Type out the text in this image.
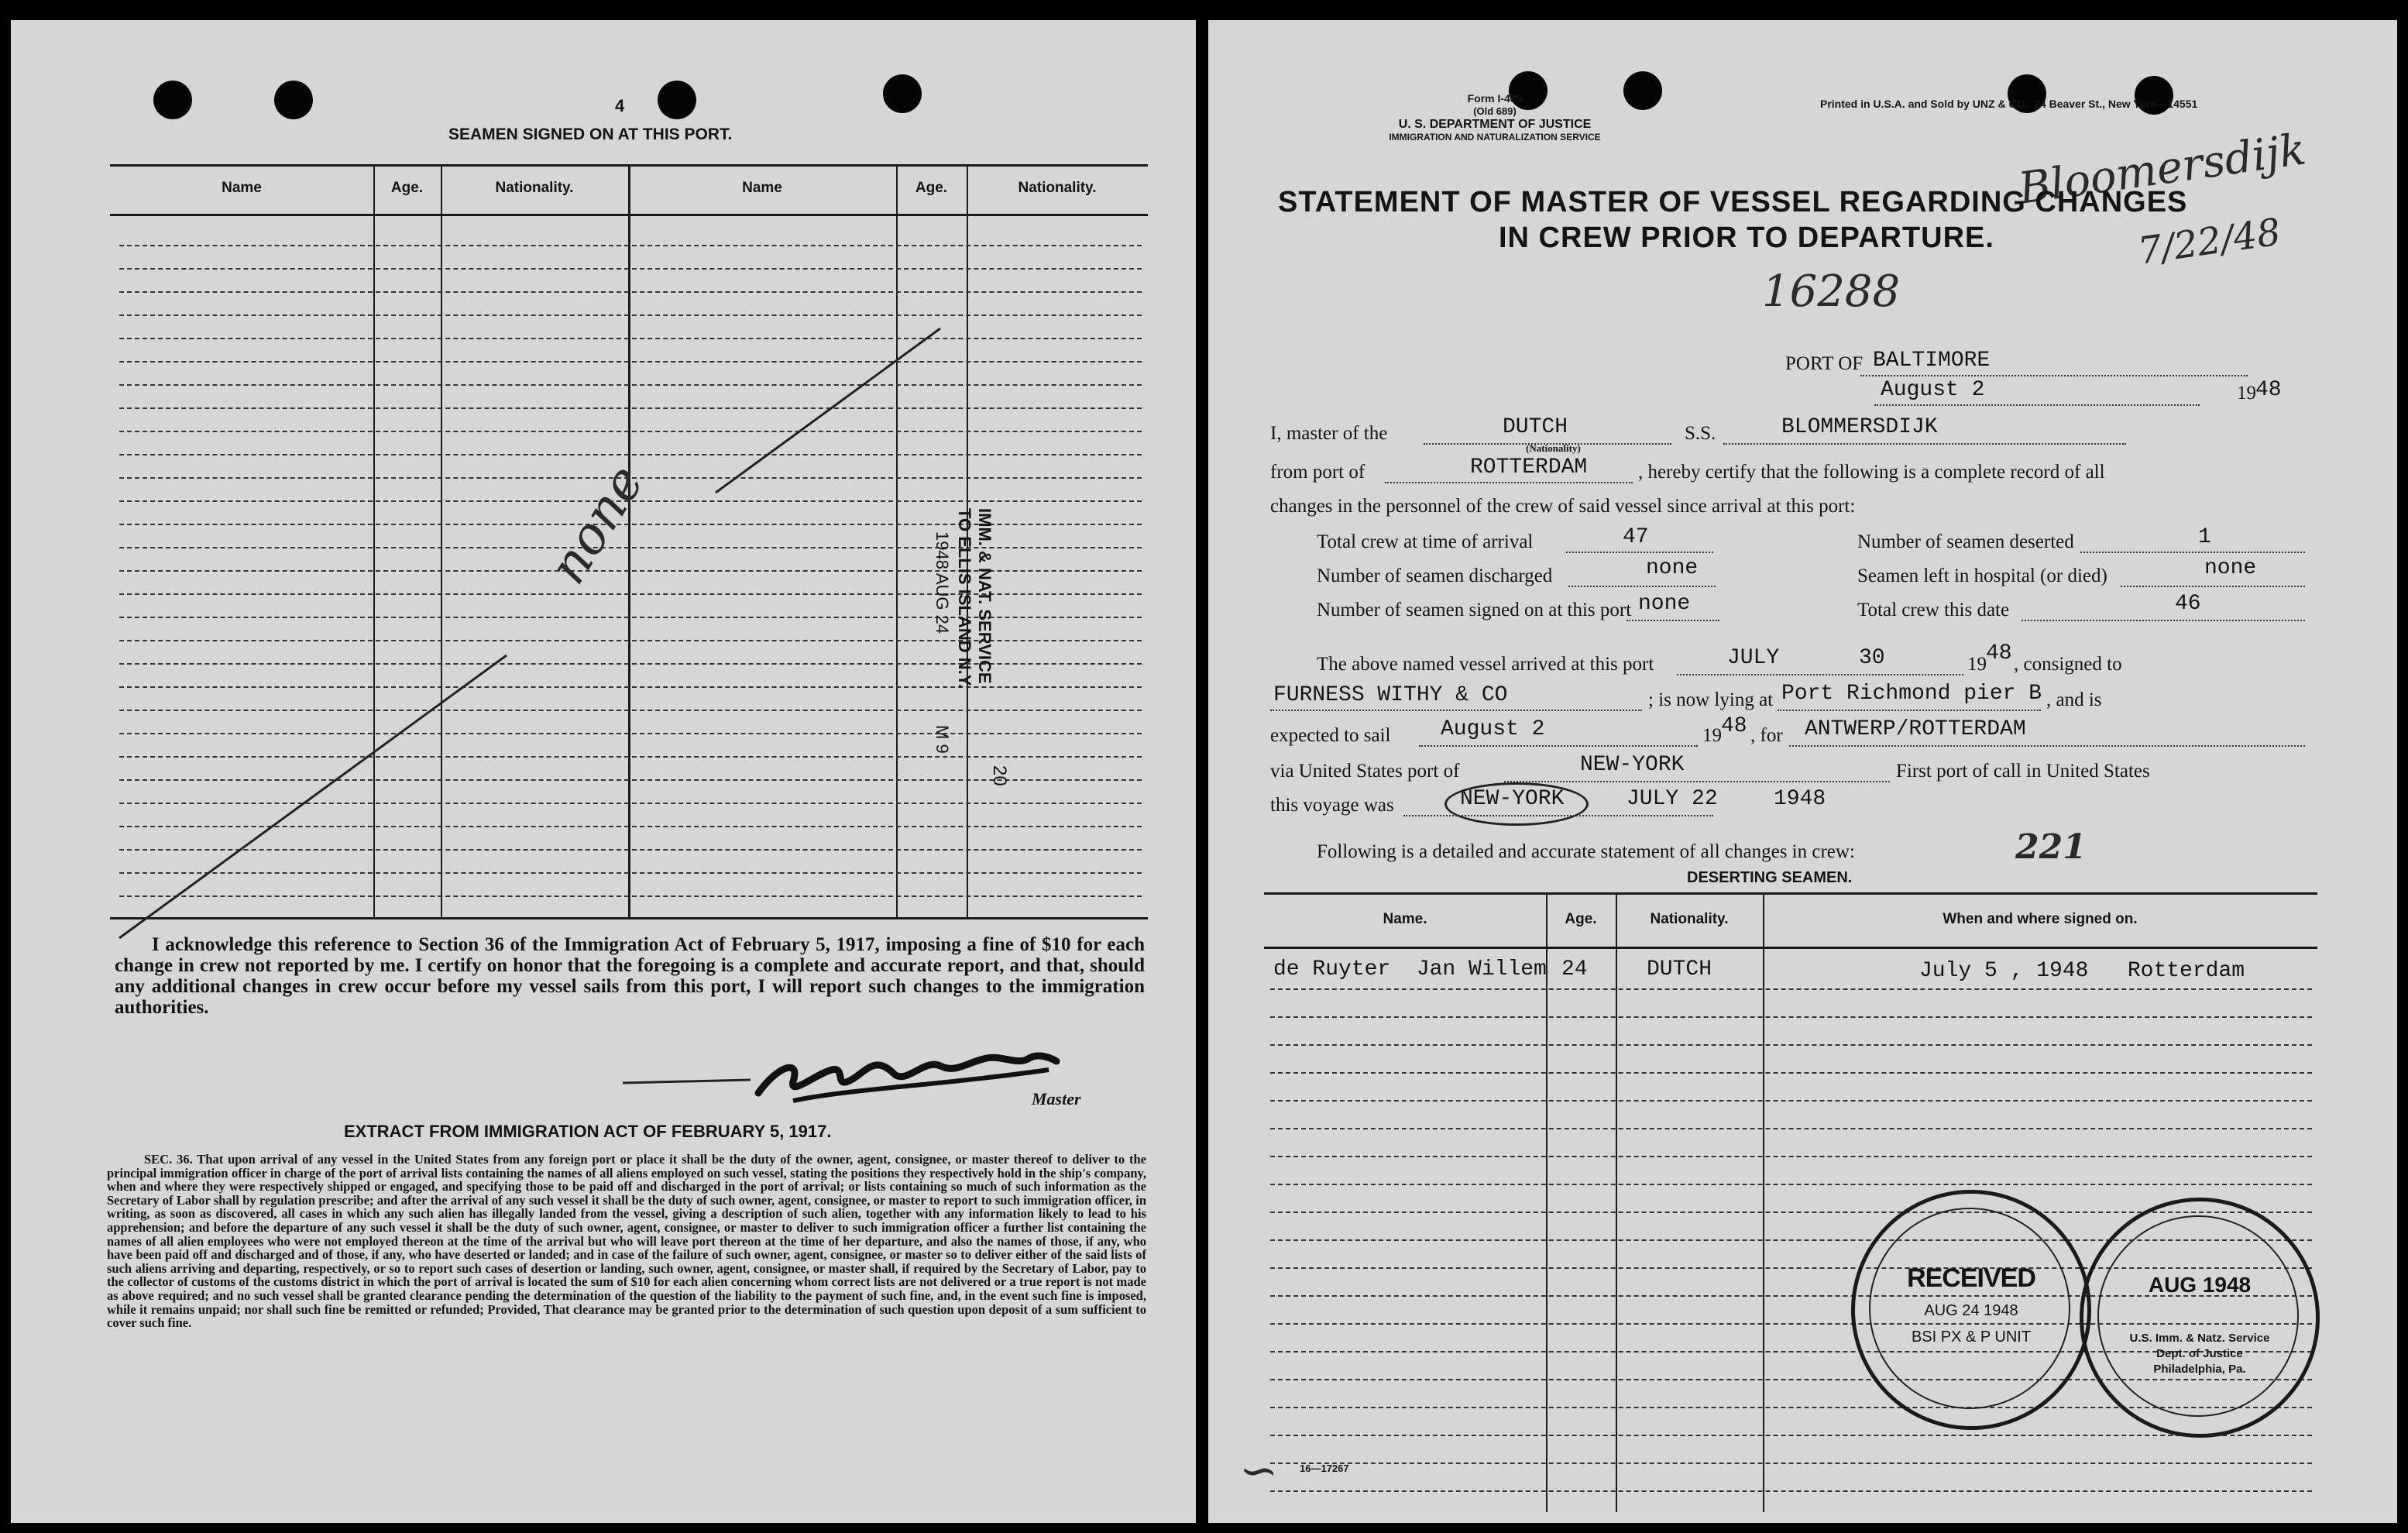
4
SEAMEN SIGNED ON AT THIS PORT.
Name	Age.	Nationality.	Name	Age.	Nationality.
none	IMM. & NAT. SERVICE
TO ELLIS ISLAND N.Y.
1948 AUG 24
M 9
20
I acknowledge this reference to Section 36 of the Immigration Act of February 5, 1917, imposing a fine of $10 for each change in crew not reported by me. I certify on honor that the foregoing is a complete and accurate report, and that, should any additional changes in crew occur before my vessel sails from this port, I will report such changes to the immigration authorities.
Master
EXTRACT FROM IMMIGRATION ACT OF FEBRUARY 5, 1917.
SEC. 36. That upon arrival of any vessel in the United States from any foreign port or place it shall be the duty of the owner, agent, consignee, or master thereof to deliver to the principal immigration officer in charge of the port of arrival lists containing the names of all aliens employed on such vessel, stating the positions they respectively hold in the ship's company, when and where they were respectively shipped or engaged, and specifying those to be paid off and discharged in the port of arrival; or lists containing so much of such information as the Secretary of Labor shall by regulation prescribe; and after the arrival of any such vessel it shall be the duty of such owner, agent, consignee, or master to report to such immigration officer, in writing, as soon as discovered, all cases in which any such alien has illegally landed from the vessel, giving a description of such alien, together with any information likely to lead to his apprehension; and before the departure of any such vessel it shall be the duty of such owner, agent, consignee, or master to deliver to such immigration officer a further list containing the names of all alien employees who were not employed thereon at the time of the arrival but who will leave port thereon at the time of her departure, and also the names of those, if any, who have been paid off and discharged and of those, if any, who have deserted or landed; and in case of the failure of such owner, agent, consignee, or master so to deliver either of the said lists of such aliens arriving and departing, respectively, or so to report such cases of desertion or landing, such owner, agent, consignee, or master shall, if required by the Secretary of Labor, pay to the collector of customs of the customs district in which the port of arrival is located the sum of $10 for each alien concerning whom correct lists are not delivered or a true report is not made as above required; and no such vessel shall be granted clearance pending the determination of the question of the liability to the payment of such fine, and, in the event such fine is imposed, while it remains unpaid; nor shall such fine be remitted or refunded; Provided, That clearance may be granted prior to the determination of such question upon deposit of a sum sufficient to cover such fine.
Form I-489
(Old 689)
U. S. DEPARTMENT OF JUSTICE
IMMIGRATION AND NATURALIZATION SERVICE
Printed in U.S.A. and Sold by UNZ & CO., 24 Beaver St., New York—14551
Bloomersdijk
7/22/48
STATEMENT OF MASTER OF VESSEL REGARDING CHANGES
IN CREW PRIOR TO DEPARTURE.
16288
PORT OF BALTIMORE
August 2	19 48
I, master of the	DUTCH
(Nationality)
S.S.	BLOMMERSDIJK
from port of	ROTTERDAM	, hereby certify that the following is a complete record of all
changes in the personnel of the crew of said vessel since arrival at this port:
Total crew at time of arrival	47	Number of seamen deserted	1
Number of seamen discharged	none	Seamen left in hospital (or died)	none
Number of seamen signed on at this port none	Total crew this date	46
The above named vessel arrived at this port	JULY	30	19 48 , consigned to
FURNESS WITHY & CO	; is now lying at Port Richmond pier B , and is
expected to sail August 2	19 48 , for ANTWERP/ROTTERDAM
via United States port of	NEW-YORK	First port of call in United States
this voyage was	NEW-YORK	JULY 22	1948
Following is a detailed and accurate statement of all changes in crew:	221
DESERTING SEAMEN.
Name.	Age.	Nationality.	When and where signed on.
de Ruyter  Jan Willem 24	DUTCH	July 5 , 1948   Rotterdam
RECEIVED
AUG 24 1948
BSI PX & P UNIT
AUG 1948
U.S. Imm. & Natz. Service
Dept. of Justice
Philadelphia, Pa.
∽ 16—17267
